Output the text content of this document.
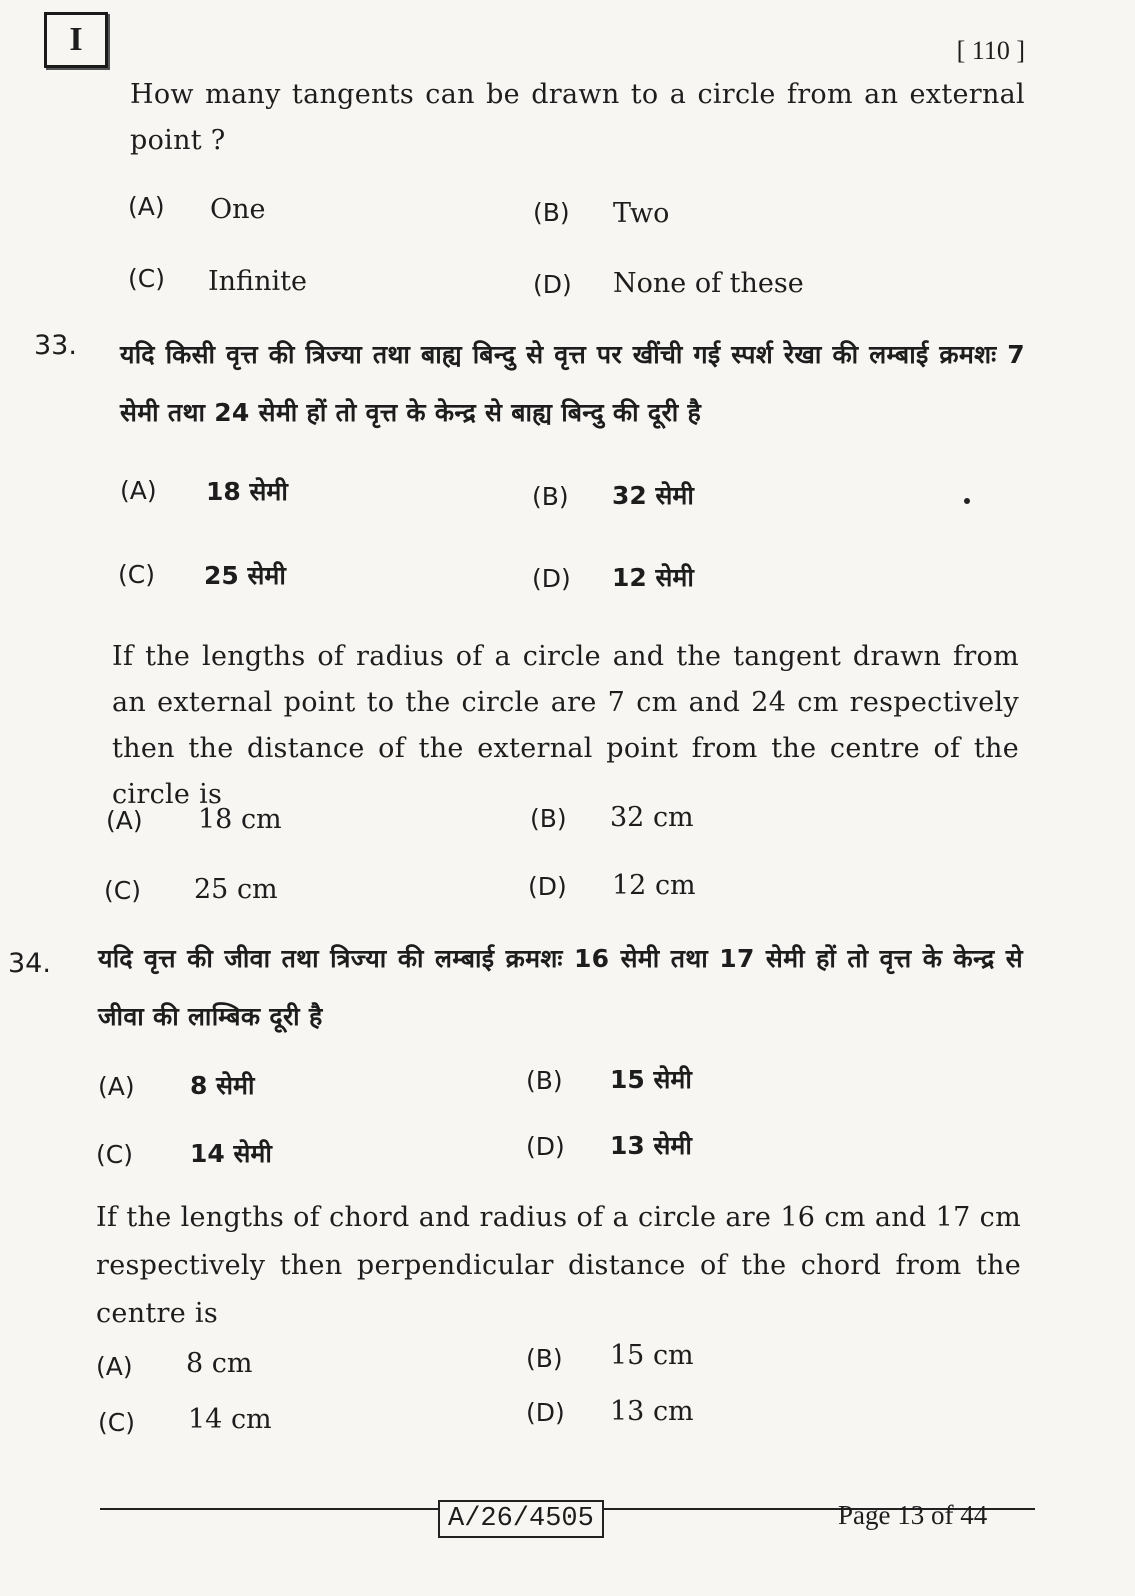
I	[ 110 ]
How many tangents can be drawn to a circle from an external point ?
(A) One	(B) Two
(C) Infinite	(D) None of these
33. यदि किसी वृत्त की त्रिज्या तथा बाह्य बिन्दु से वृत्त पर खींची गई स्पर्श रेखा की लम्बाई क्रमशः 7 सेमी तथा 24 सेमी हों तो वृत्त के केन्द्र से बाह्य बिन्दु की दूरी है
(A) 18 सेमी	(B) 32 सेमी
(C) 25 सेमी	(D) 12 सेमी
If the lengths of radius of a circle and the tangent drawn from an external point to the circle are 7 cm and 24 cm respectively then the distance of the external point from the centre of the circle is
(A) 18 cm	(B) 32 cm
(C) 25 cm	(D) 12 cm
34. यदि वृत्त की जीवा तथा त्रिज्या की लम्बाई क्रमशः 16 सेमी तथा 17 सेमी हों तो वृत्त के केन्द्र से जीवा की लाम्बिक दूरी है
(A) 8 सेमी	(B) 15 सेमी
(C) 14 सेमी	(D) 13 सेमी
If the lengths of chord and radius of a circle are 16 cm and 17 cm respectively then perpendicular distance of the chord from the centre is
(A) 8 cm	(B) 15 cm
(C) 14 cm	(D) 13 cm
A/26/4505	Page 13 of 44
